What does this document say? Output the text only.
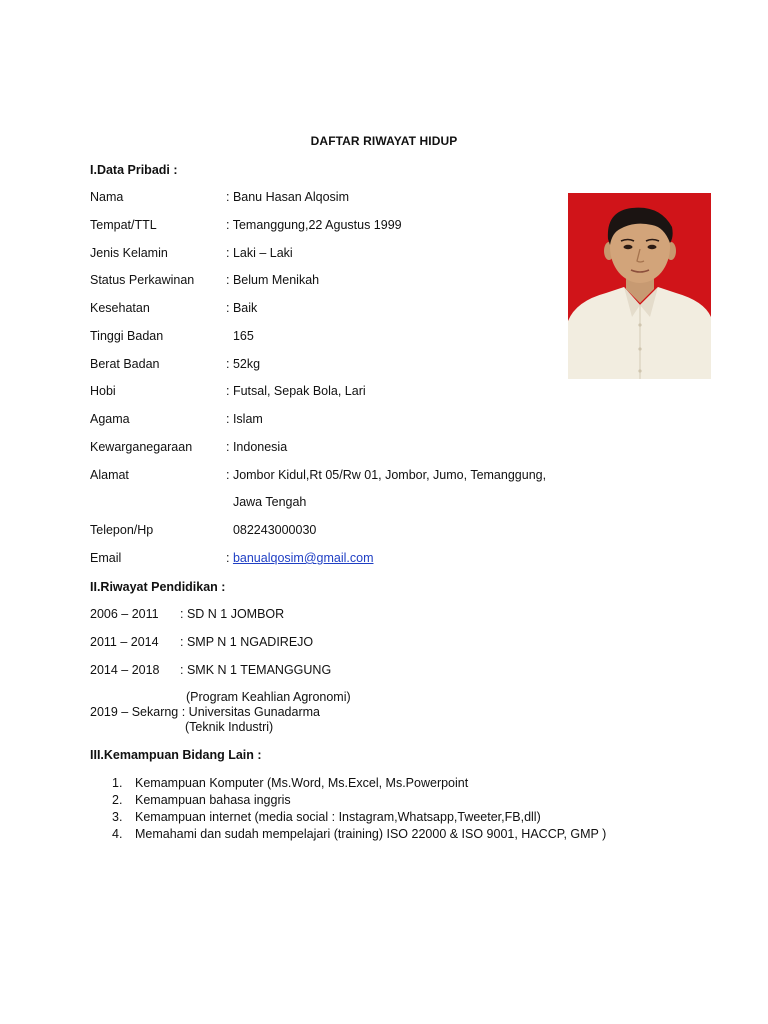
DAFTAR RIWAYAT HIDUP
I.Data Pribadi :
Nama	: Banu Hasan Alqosim
Tempat/TTL	: Temanggung,22 Agustus 1999
Jenis Kelamin	: Laki – Laki
Status Perkawinan	: Belum Menikah
Kesehatan	: Baik
Tinggi Badan	165
Berat Badan	: 52kg
Hobi	: Futsal, Sepak Bola, Lari
Agama	: Islam
Kewarganegaraan	: Indonesia
Alamat	: Jombor Kidul,Rt 05/Rw 01, Jombor, Jumo, Temanggung,
Jawa Tengah
Telepon/Hp	082243000030
Email	: banualqosim@gmail.com
II.Riwayat Pendidikan :
2006 – 2011 : SD N 1 JOMBOR
2011 – 2014 : SMP N 1 NGADIREJO
2014 – 2018 : SMK N 1 TEMANGGUNG
(Program Keahlian Agronomi)
2019 – Sekarng : Universitas Gunadarma
(Teknik Industri)
III.Kemampuan Bidang Lain :
1. Kemampuan Komputer (Ms.Word, Ms.Excel, Ms.Powerpoint
2. Kemampuan bahasa inggris
3. Kemampuan internet (media social : Instagram,Whatsapp,Tweeter,FB,dll)
4. Memahami dan sudah mempelajari (training) ISO 22000 & ISO 9001, HACCP, GMP )
